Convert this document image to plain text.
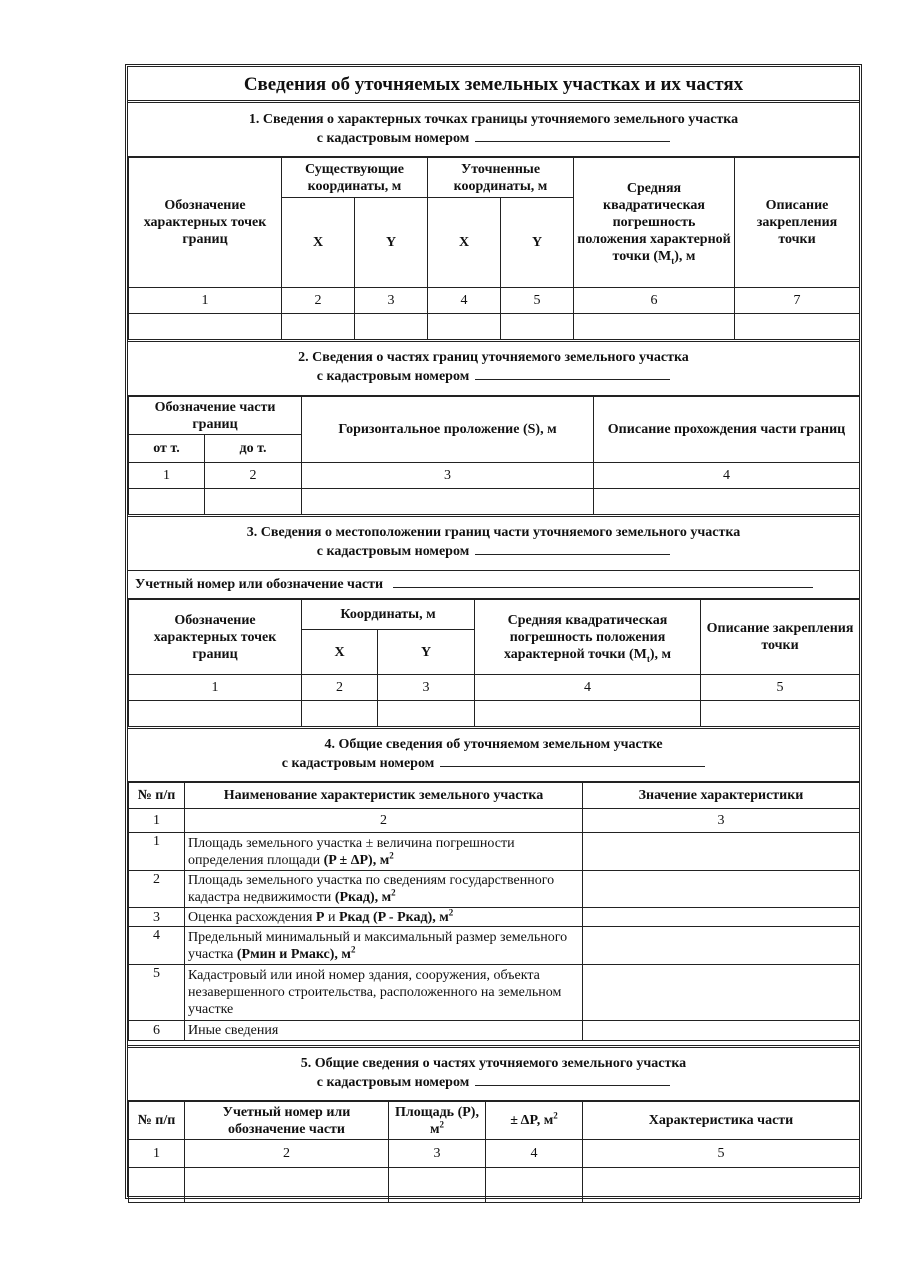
Сведения об уточняемых земельных участках и их частях
1. Сведения о характерных точках границы уточняемого земельного участка
с кадастровым номером
Обозначение характерных точек границ	Существующие координаты, м		Уточненные координаты, м		Средняя квадратическая погрешность положения характерной точки $(M_t)$, м	Описание закрепления точки
	X	Y	X	Y		
1	2	3	4	5	6	7

2. Сведения о частях границ уточняемого земельного участка
с кадастровым номером
Обозначение части границ		Горизонтальное проложение (S), м	Описание прохождения части границ
от т.	до т.		
1	2	3	4

3. Сведения о местоположении границ части уточняемого земельного участка
с кадастровым номером
Учетный номер или обозначение части
Обозначение характерных точек границ	Координаты, м		Средняя квадратическая погрешность положения характерной точки $(M_t)$, м	Описание закрепления точки
	X	Y		
1	2	3	4	5

4. Общие сведения об уточняемом земельном участке
с кадастровым номером
№ п/п	Наименование характеристик земельного участка	Значение характеристики
1	2	3
1	Площадь земельного участка ± величина погрешности определения площади (P ± ΔP), $м^2$	
2	Площадь земельного участка по сведениям государственного кадастра недвижимости (Ркад), $м^2$	
3	Оценка расхождения P и Ркад (P - Ркад), $м^2$	
4	Предельный минимальный и максимальный размер земельного участка (Рмин и Рмакс), $м^2$	
5	Кадастровый или иной номер здания, сооружения, объекта незавершенного строительства, расположенного на земельном участке	
6	Иные сведения	
5. Общие сведения о частях уточняемого земельного участка
с кадастровым номером
№ п/п	Учетный номер или обозначение части	Площадь (P), $м^2$	± ΔP, $м^2$	Характеристика части
1	2	3	4	5
